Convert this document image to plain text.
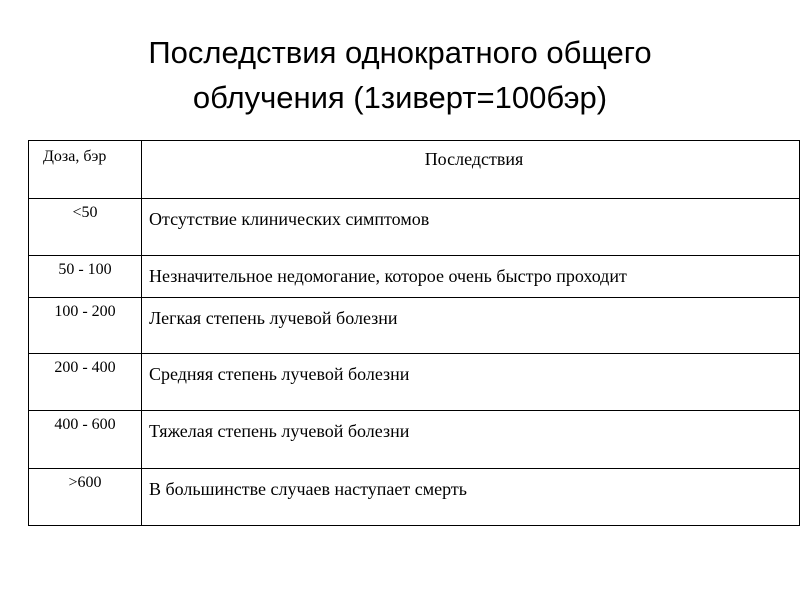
Последствия однократного общего
облучения (1зиверт=100бэр)
Доза, бэр	Последствия
<50	Отсутствие клинических симптомов
50 - 100	Незначительное недомогание, которое очень быстро проходит
100 - 200	Легкая степень лучевой болезни
200 - 400	Средняя степень лучевой болезни
400 - 600	Тяжелая степень лучевой болезни
>600	В большинстве случаев наступает смерть
